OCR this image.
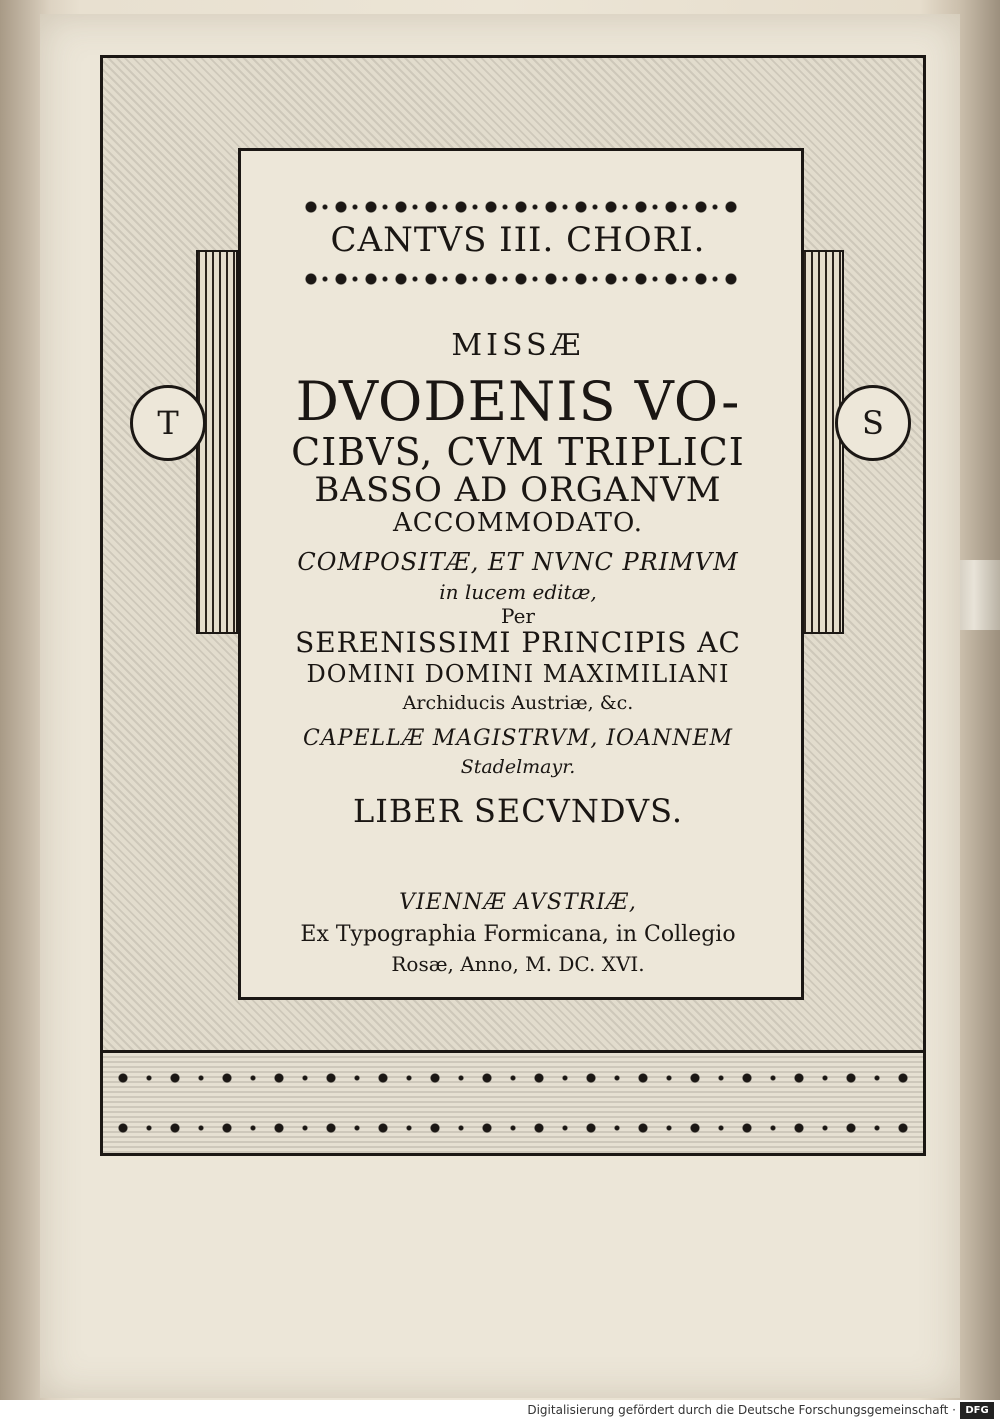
T	S
CANTVS III. CHORI.
MISSÆ
DVODENIS VO-
CIBVS, CVM TRIPLICI
BASSO AD ORGANVM
ACCOMMODATO.
COMPOSITÆ, ET NVNC PRIMVM
in lucem editæ,
Per
SERENISSIMI PRINCIPIS AC
DOMINI DOMINI MAXIMILIANI
Archiducis Austriæ, &c.
CAPELLÆ MAGISTRVM, IOANNEM
Stadelmayr.
LIBER SECVNDVS.
VIENNÆ AVSTRIÆ,
Ex Typographia Formicana, in Collegio
Rosæ, Anno, M. DC. XVI.
Digitalisierung gefördert durch die Deutsche Forschungsgemeinschaft · DFG
